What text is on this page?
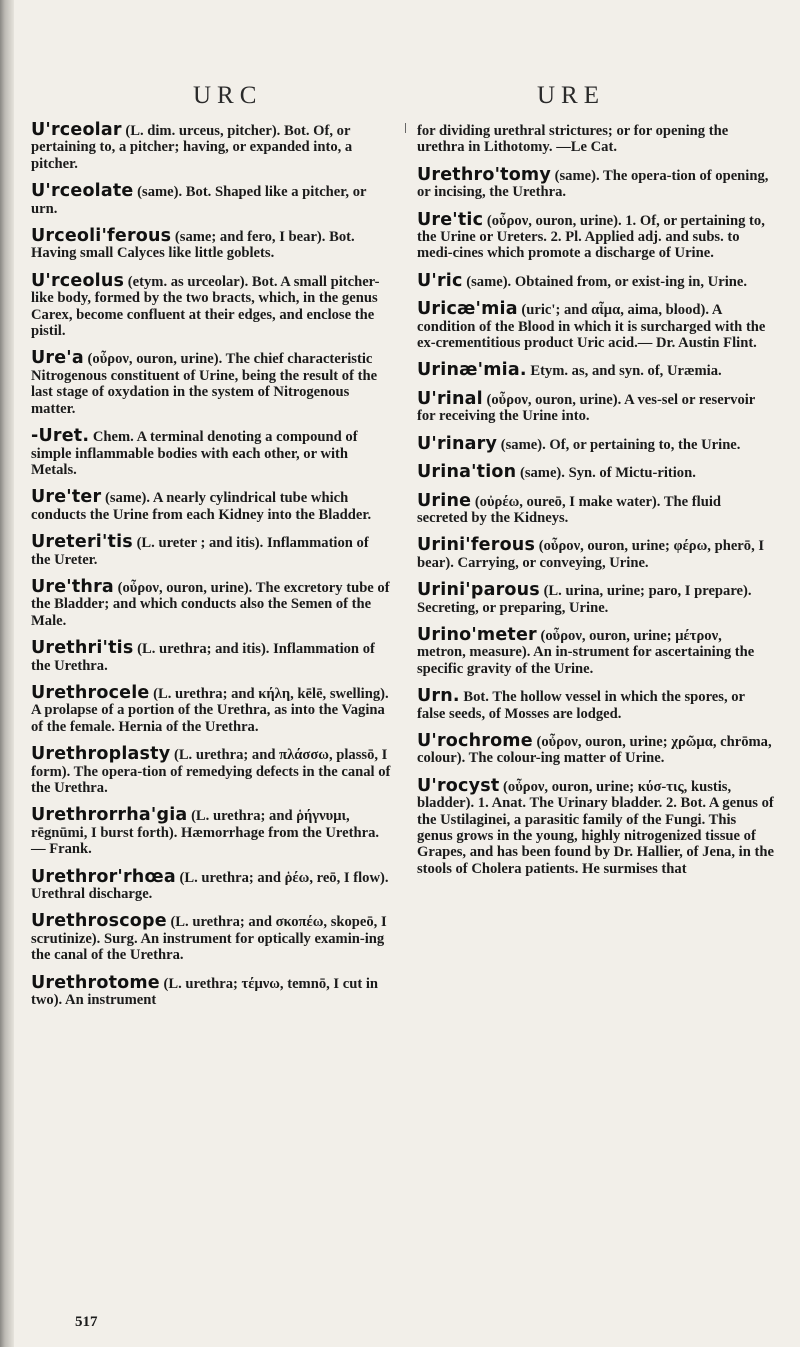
URC	URE

U'rceolar (L. dim. urceus, pitcher). Bot. Of, or pertaining to, a pitcher; having, or expanded into, a pitcher.

U'rceolate (same). Bot. Shaped like a pitcher, or urn.

Urceoli'ferous (same; and fero, I bear). Bot. Having small Calyces like little goblets.

U'rceolus (etym. as urceolar). Bot. A small pitcher-like body, formed by the two bracts, which, in the genus Carex, become confluent at their edges, and enclose the pistil.

Ure'a (οὖρον, ouron, urine). The chief characteristic Nitrogenous constituent of Urine, being the result of the last stage of oxydation in the system of Nitrogenous matter.

-Uret. Chem. A terminal denoting a compound of simple inflammable bodies with each other, or with Metals.

Ure'ter (same). A nearly cylindrical tube which conducts the Urine from each Kidney into the Bladder.

Ureteri'tis (L. ureter ; and itis). Inflammation of the Ureter.

Ure'thra (οὖρον, ouron, urine). The excretory tube of the Bladder; and which conducts also the Semen of the Male.

Urethri'tis (L. urethra; and itis). Inflammation of the Urethra.

Urethrocele (L. urethra; and κήλη, kēlē, swelling). A prolapse of a portion of the Urethra, as into the Vagina of the female. Hernia of the Urethra.

Urethroplasty (L. urethra; and πλάσσω, plassō, I form). The opera-tion of remedying defects in the canal of the Urethra.

Urethrorrha'gia (L. urethra; and ῥήγνυμι, rēgnūmi, I burst forth). Hæmorrhage from the Urethra. — Frank.

Urethror'rhœa (L. urethra; and ῥέω, reō, I flow). Urethral discharge.

Urethroscope (L. urethra; and σκοπέω, skopeō, I scrutinize). Surg. An instrument for optically examin-ing the canal of the Urethra.

Urethrotome (L. urethra; τέμνω, temnō, I cut in two). An instrument

for dividing urethral strictures; or for opening the urethra in Lithotomy. —Le Cat.

Urethro'tomy (same). The opera-tion of opening, or incising, the Urethra.

Ure'tic (οὖρον, ouron, urine). 1. Of, or pertaining to, the Urine or Ureters. 2. Pl. Applied adj. and subs. to medi-cines which promote a discharge of Urine.

U'ric (same). Obtained from, or exist-ing in, Urine.

Uricæ'mia (uric'; and αἷμα, aima, blood). A condition of the Blood in which it is surcharged with the ex-crementitious product Uric acid.— Dr. Austin Flint.

Urinæ'mia. Etym. as, and syn. of, Uræmia.

U'rinal (οὖρον, ouron, urine). A ves-sel or reservoir for receiving the Urine into.

U'rinary (same). Of, or pertaining to, the Urine.

Urina'tion (same). Syn. of Mictu-rition.

Urine (οὐρέω, oureō, I make water). The fluid secreted by the Kidneys.

Urini'ferous (οὖρον, ouron, urine; φέρω, pherō, I bear). Carrying, or conveying, Urine.

Urini'parous (L. urina, urine; paro, I prepare). Secreting, or preparing, Urine.

Urino'meter (οὖρον, ouron, urine; μέτρον, metron, measure). An in-strument for ascertaining the specific gravity of the Urine.

Urn. Bot. The hollow vessel in which the spores, or false seeds, of Mosses are lodged.

U'rochrome (οὖρον, ouron, urine; χρῶμα, chrōma, colour). The colour-ing matter of Urine.

U'rocyst (οὖρον, ouron, urine; κύσ-τις, kustis, bladder). 1. Anat. The Urinary bladder. 2. Bot. A genus of the Ustilaginei, a parasitic family of the Fungi. This genus grows in the young, highly nitrogenized tissue of Grapes, and has been found by Dr. Hallier, of Jena, in the stools of Cholera patients. He surmises that

517
